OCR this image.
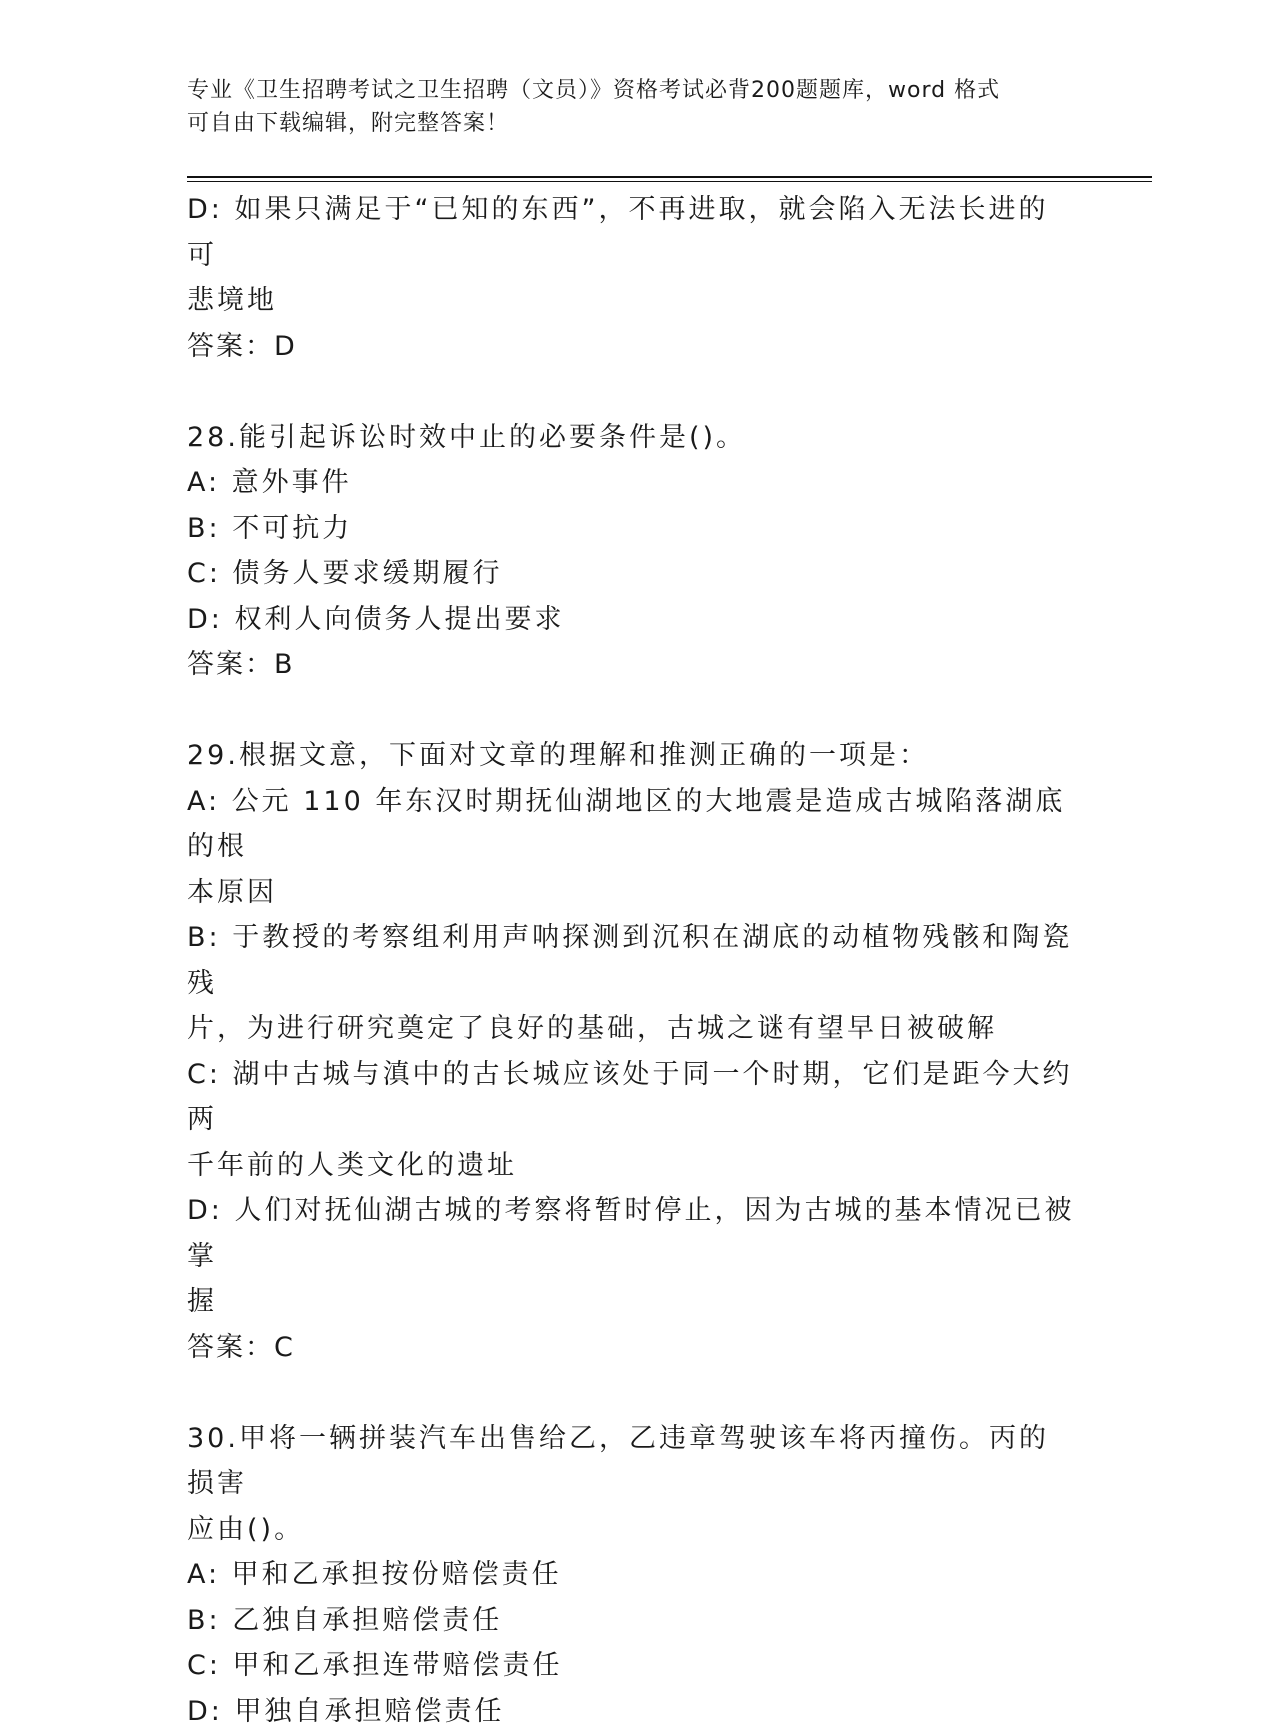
专业《卫生招聘考试之卫生招聘（文员）》资格考试必背200题题库，word 格式
可自由下载编辑，附完整答案！
D: 如果只满足于“已知的东西”，不再进取，就会陷入无法长进的可
悲境地
答案：D
28.能引起诉讼时效中止的必要条件是()。
A: 意外事件
B: 不可抗力
C: 债务人要求缓期履行
D: 权利人向债务人提出要求
答案：B
29.根据文意，下面对文章的理解和推测正确的一项是：
A: 公元 110 年东汉时期抚仙湖地区的大地震是造成古城陷落湖底的根
本原因
B: 于教授的考察组利用声呐探测到沉积在湖底的动植物残骸和陶瓷残
片，为进行研究奠定了良好的基础，古城之谜有望早日被破解
C: 湖中古城与滇中的古长城应该处于同一个时期，它们是距今大约两
千年前的人类文化的遗址
D: 人们对抚仙湖古城的考察将暂时停止，因为古城的基本情况已被掌
握
答案：C
30.甲将一辆拼装汽车出售给乙，乙违章驾驶该车将丙撞伤。丙的损害
应由()。
A: 甲和乙承担按份赔偿责任
B: 乙独自承担赔偿责任
C: 甲和乙承担连带赔偿责任
D: 甲独自承担赔偿责任
